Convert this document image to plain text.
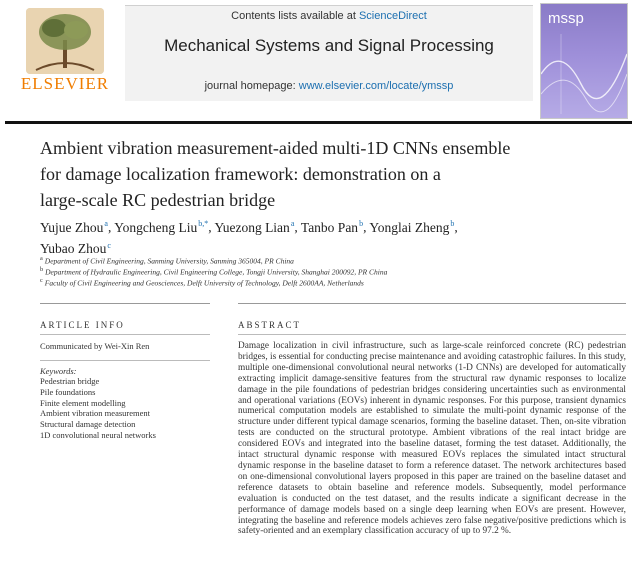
ELSEVIER
Contents lists available at ScienceDirect
Mechanical Systems and Signal Processing
journal homepage: www.elsevier.com/locate/ymssp
mssp
Ambient vibration measurement-aided multi-1D CNNs ensemble
for damage localization framework: demonstration on a
large-scale RC pedestrian bridge
Yujue Zhou$^a$, Yongcheng Liu$^{b,*}$, Yuezong Lian$^a$, Tanbo Pan$^b$, Yonglai Zheng$^b$,
Yubao Zhou$^c$
$^a$ Department of Civil Engineering, Sanming University, Sanming 365004, PR China
$^b$ Department of Hydraulic Engineering, Civil Engineering College, Tongji University, Shanghai 200092, PR China
$^c$ Faculty of Civil Engineering and Geosciences, Delft University of Technology, Delft 2600AA, Netherlands
ARTICLE INFO	ABSTRACT
Communicated by Wei-Xin Ren
Keywords:
Pedestrian bridge
Pile foundations
Finite element modelling
Ambient vibration measurement
Structural damage detection
1D convolutional neural networks
Damage localization in civil infrastructure, such as large-scale reinforced concrete (RC) pedestrian bridges, is essential for conducting precise maintenance and avoiding catastrophic failures. In this study, multiple one-dimensional convolutional neural networks (1-D CNNs) are developed for automatically extracting implicit damage-sensitive features from the structural raw dynamic responses to localize damage in the pile foundations of pedestrian bridges considering uncertainties such as environmental and operational variations (EOVs) inherent in dynamic responses. For this purpose, transient dynamics numerical computation models are established to simulate the multi-point dynamic response of the structure under different typical damage scenarios, forming the baseline dataset. Then, on-site vibration tests are conducted on the structural prototype. Ambient vibrations of the real intact bridge are considered EOVs and integrated into the baseline dataset, forming the test dataset. Additionally, the intact structural dynamic response with measured EOVs replaces the simulated intact structural dynamic response in the baseline dataset to form a reference dataset. The network architectures based on one-dimensional convolutional layers proposed in this paper are trained on the baseline dataset and reference datasets to obtain baseline and reference models. Subsequently, model performance evaluation is conducted on the test dataset, and the results indicate a significant decrease in the performance of damage models based on a single deep learning when EOVs are present. However, integrating the baseline and reference models achieves zero false negative/positive predictions which is safety-oriented and an exemplary classification accuracy of up to 97.2 %.
